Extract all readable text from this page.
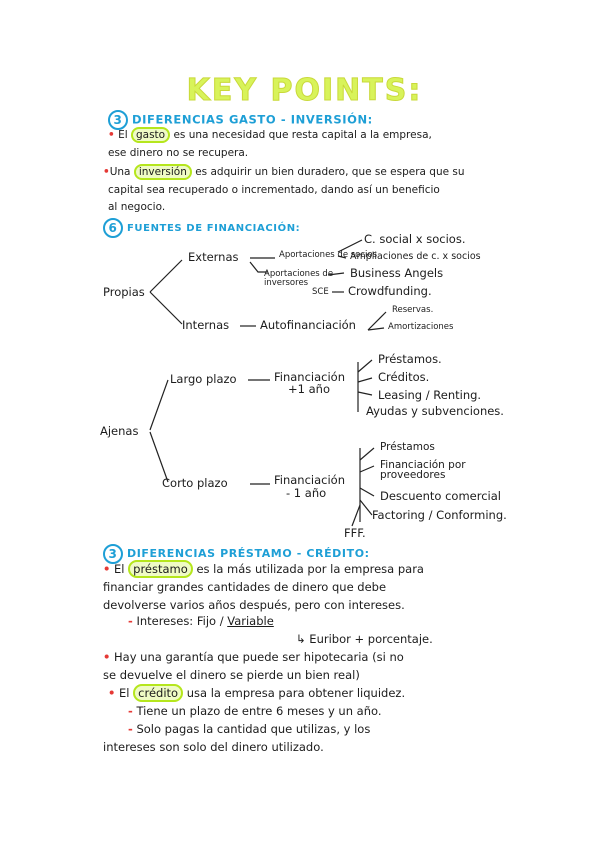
KEY POINTS:
3 DIFERENCIAS GASTO - INVERSIÓN:
• El gasto es una necesidad que resta capital a la empresa,
ese dinero no se recupera.
•Una inversión es adquirir un bien duradero, que se espera que su
capital sea recuperado o incrementado, dando así un beneficio
al negocio.
6 FUENTES DE FINANCIACIÓN:
Propias
Externas	Aportaciones de socios
Aportaciones de inversores
SCE
C. social x socios.
Ampliaciones de c. x socios
Business Angels
Crowdfunding.
Internas	Autofinanciación
Reservas.
Amortizaciones
Ajenas
Largo plazo	Financiación
+1 año
Préstamos.
Créditos.
Leasing / Renting.
Ayudas y subvenciones.
Corto plazo	Financiación
- 1 año
Préstamos
Financiación por proveedores
Descuento comercial
Factoring / Conforming.
FFF.
3 DIFERENCIAS PRÉSTAMO - CRÉDITO:
• El préstamo es la más utilizada por la empresa para
financiar grandes cantidades de dinero que debe
devolverse varios años después, pero con intereses.
- Intereses: Fijo / Variable
↳ Euribor + porcentaje.
• Hay una garantía que puede ser hipotecaria (si no
se devuelve el dinero se pierde un bien real)
• El crédito usa la empresa para obtener liquidez.
- Tiene un plazo de entre 6 meses y un año.
- Solo pagas la cantidad que utilizas, y los
intereses son solo del dinero utilizado.
